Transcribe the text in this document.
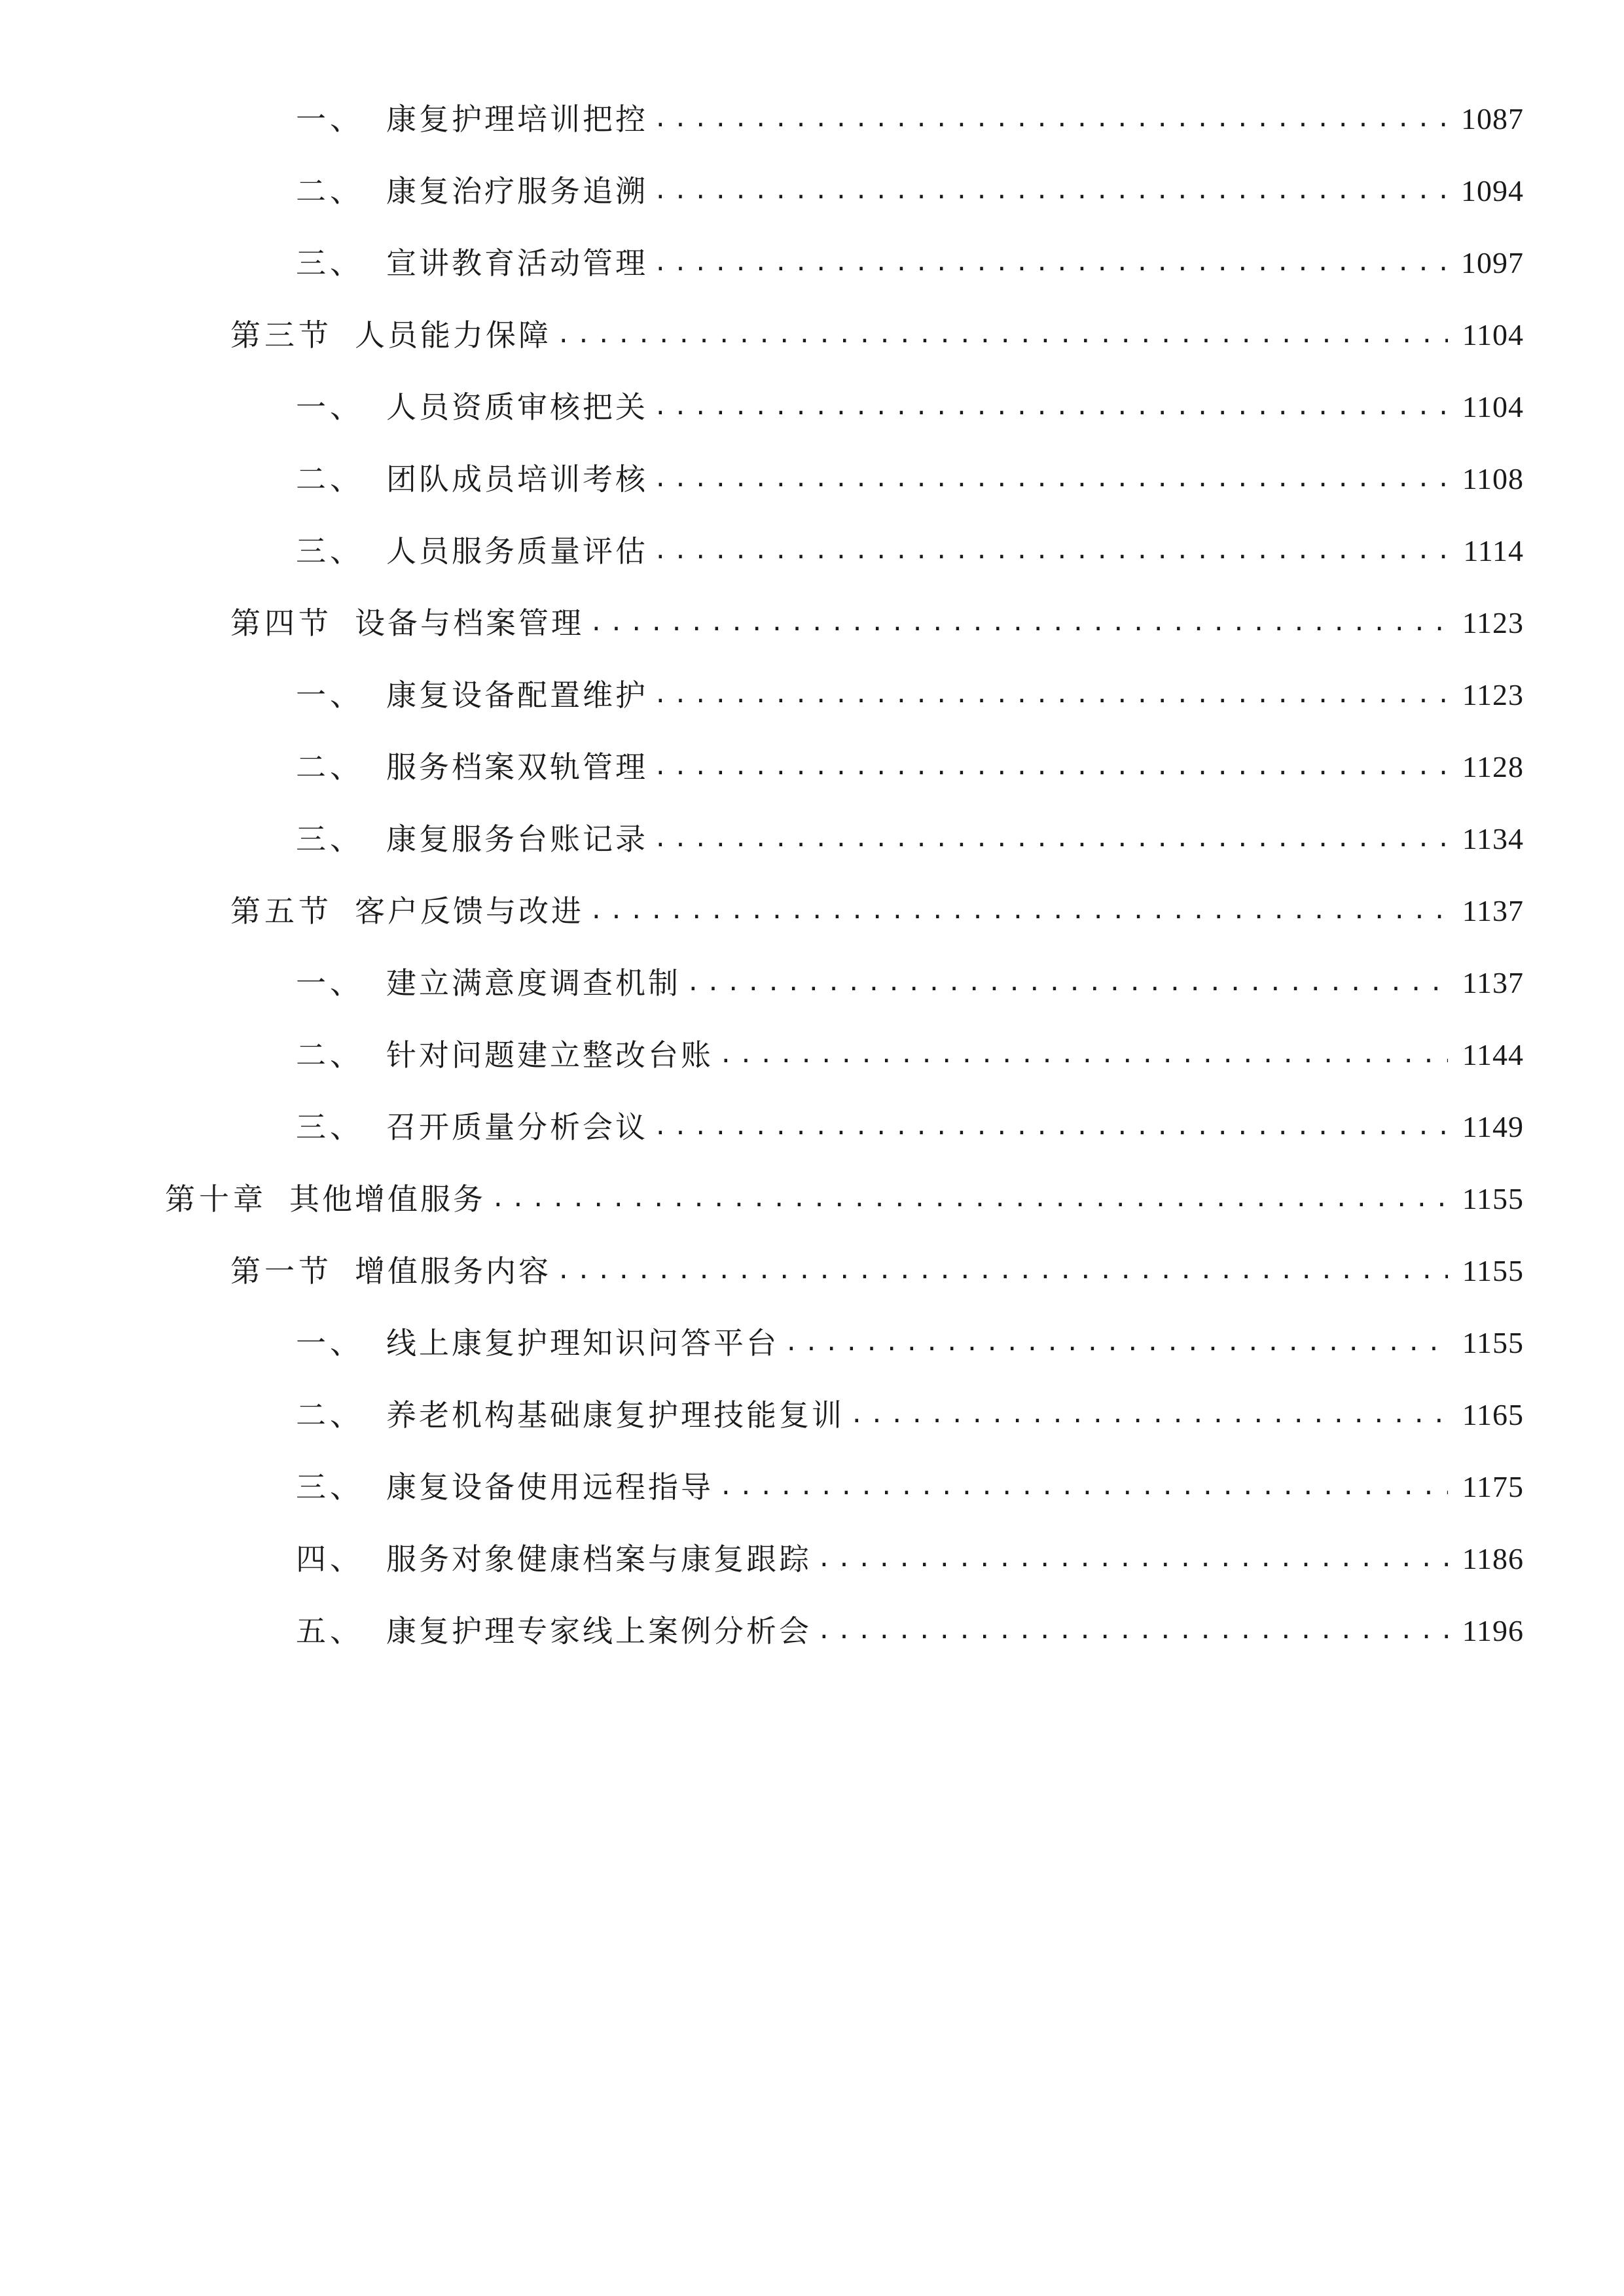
一、 康复护理培训把控 .....	1087
二、 康复治疗服务追溯 .....	1094
三、 宣讲教育活动管理 .....	1097
第三节 人员能力保障 .....	1104
一、 人员资质审核把关 .....	1104
二、 团队成员培训考核 .....	1108
三、 人员服务质量评估 .....	1114
第四节 设备与档案管理 .....	1123
一、 康复设备配置维护 .....	1123
二、 服务档案双轨管理 .....	1128
三、 康复服务台账记录 .....	1134
第五节 客户反馈与改进 .....	1137
一、 建立满意度调查机制 .....	1137
二、 针对问题建立整改台账 .....	1144
三、 召开质量分析会议 .....	1149
第十章 其他增值服务 .....	1155
第一节 增值服务内容 .....	1155
一、 线上康复护理知识问答平台 .....	1155
二、 养老机构基础康复护理技能复训 .....	1165
三、 康复设备使用远程指导 .....	1175
四、 服务对象健康档案与康复跟踪 .....	1186
五、 康复护理专家线上案例分析会 .....	1196
